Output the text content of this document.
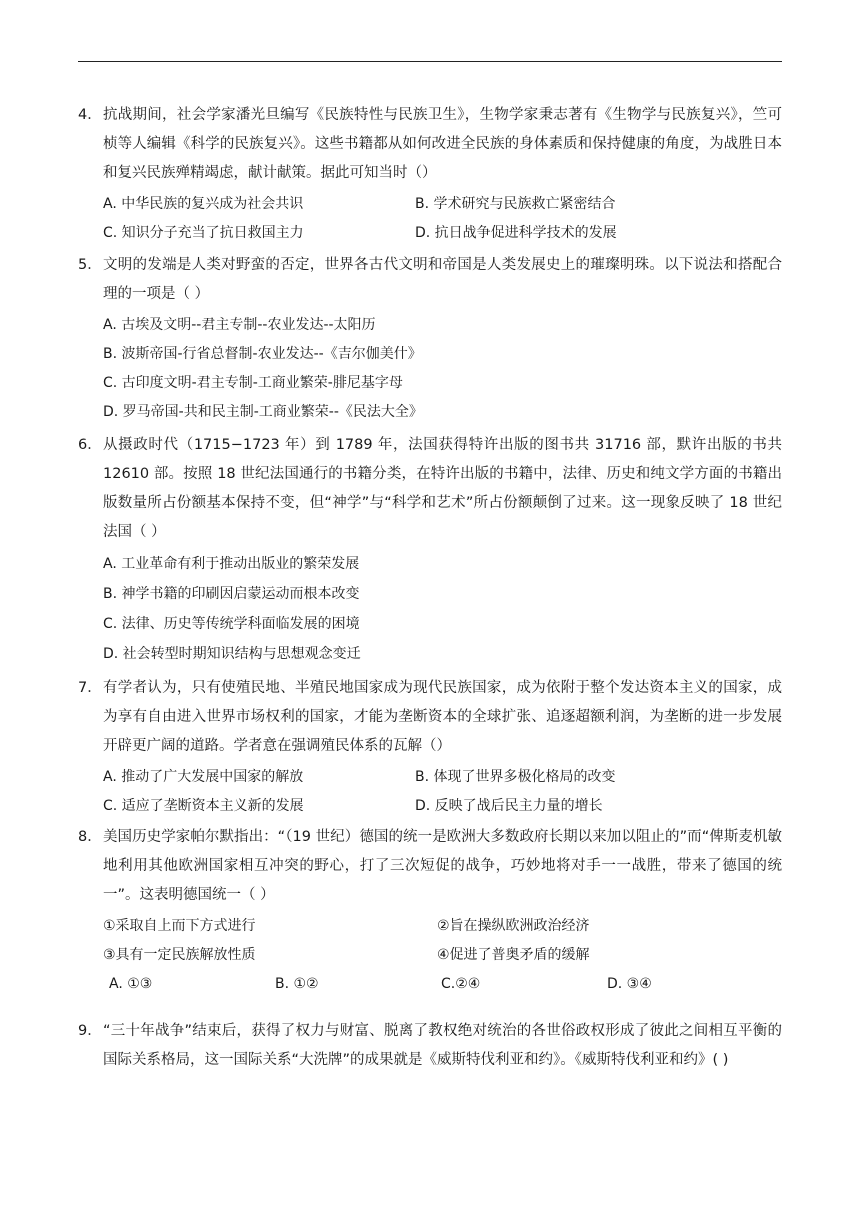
4． 抗战期间，社会学家潘光旦编写《民族特性与民族卫生》，生物学家秉志著有《生物学与民族复兴》，竺可桢等人编辑《科学的民族复兴》。这些书籍都从如何改进全民族的身体素质和保持健康的角度，为战胜日本和复兴民族殚精竭虑，献计献策。据此可知当时（）

A. 中华民族的复兴成为社会共识	B. 学术研究与民族救亡紧密结合
C. 知识分子充当了抗日救国主力	D. 抗日战争促进科学技术的发展

5． 文明的发端是人类对野蛮的否定，世界各古代文明和帝国是人类发展史上的璀璨明珠。以下说法和搭配合理的一项是（ ）

A. 古埃及文明--君主专制--农业发达--太阳历
B. 波斯帝国-行省总督制-农业发达--《吉尔伽美什》
C. 古印度文明-君主专制-工商业繁荣-腓尼基字母
D. 罗马帝国-共和民主制-工商业繁荣--《民法大全》

6． 从摄政时代（1715−1723 年）到 1789 年，法国获得特许出版的图书共 31716 部，默许出版的书共 12610 部。按照 18 世纪法国通行的书籍分类，在特许出版的书籍中，法律、历史和纯文学方面的书籍出版数量所占份额基本保持不变，但“神学”与“科学和艺术”所占份额颠倒了过来。这一现象反映了 18 世纪法国（ ）

A. 工业革命有利于推动出版业的繁荣发展
B. 神学书籍的印刷因启蒙运动而根本改变
C. 法律、历史等传统学科面临发展的困境
D. 社会转型时期知识结构与思想观念变迁

7． 有学者认为，只有使殖民地、半殖民地国家成为现代民族国家，成为依附于整个发达资本主义的国家，成为享有自由进入世界市场权利的国家，才能为垄断资本的全球扩张、追逐超额利润，为垄断的进一步发展开辟更广阔的道路。学者意在强调殖民体系的瓦解（）

A. 推动了广大发展中国家的解放	B. 体现了世界多极化格局的改变
C. 适应了垄断资本主义新的发展	D. 反映了战后民主力量的增长

8． 美国历史学家帕尔默指出：“（19 世纪）德国的统一是欧洲大多数政府长期以来加以阻止的”而“俾斯麦机敏地利用其他欧洲国家相互冲突的野心，打了三次短促的战争，巧妙地将对手一一战胜，带来了德国的统一”。这表明德国统一（ ）

①采取自上而下方式进行	②旨在操纵欧洲政治经济
③具有一定民族解放性质	④促进了普奥矛盾的缓解
A. ①③	B. ①②	C.②④	D. ③④

9． “三十年战争”结束后，获得了权力与财富、脱离了教权绝对统治的各世俗政权形成了彼此之间相互平衡的国际关系格局，这一国际关系“大洗牌”的成果就是《威斯特伐利亚和约》。《威斯特伐利亚和约》( )
